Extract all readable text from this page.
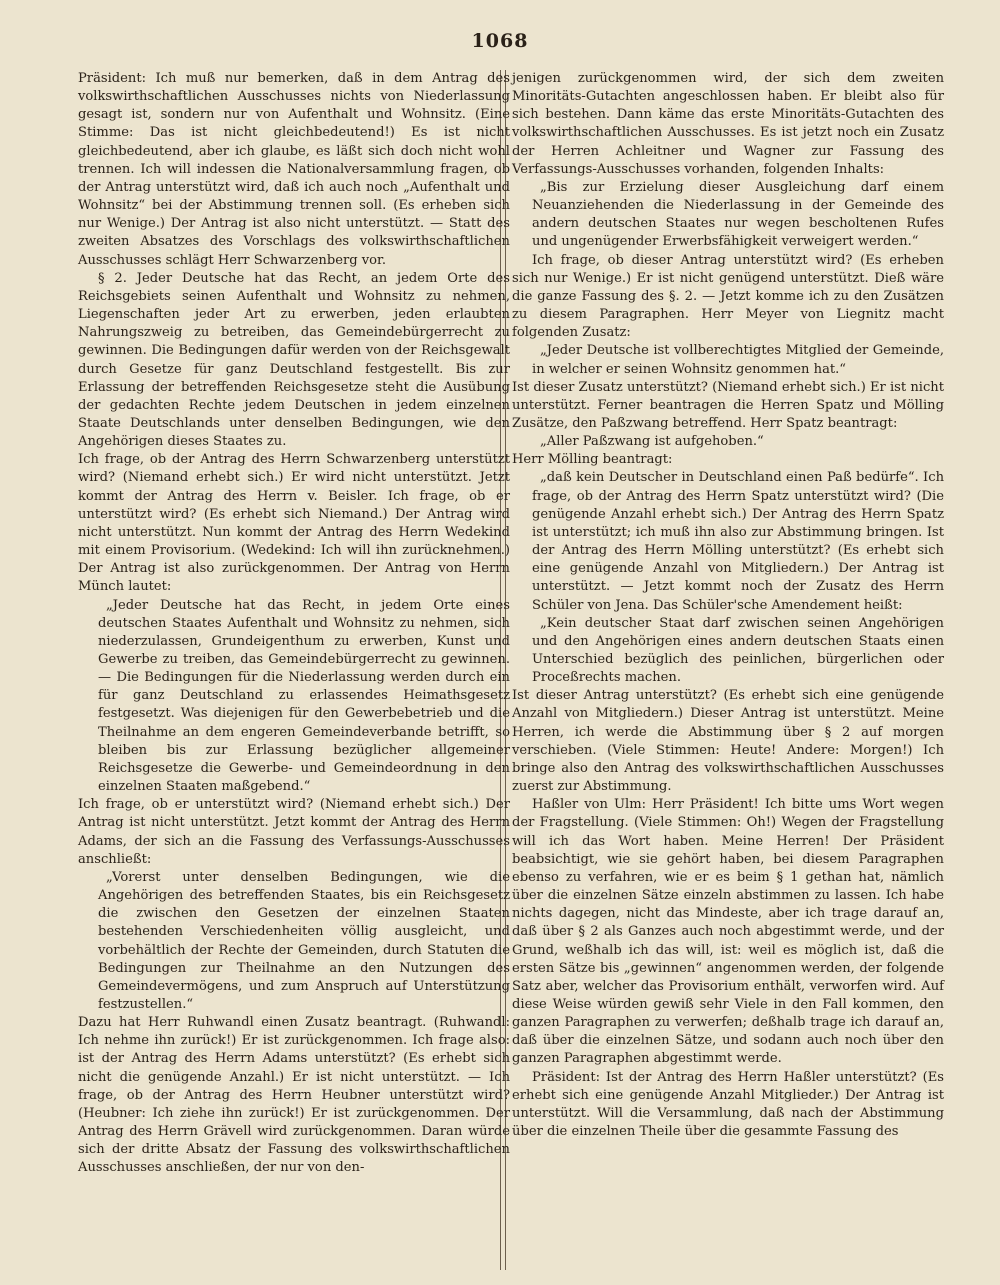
1068

Präsident: Ich muß nur bemerken, daß in dem Antrag des volkswirthschaftlichen Ausschusses nichts von Niederlassung gesagt ist, sondern nur von Aufenthalt und Wohnsitz. (Eine Stimme: Das ist nicht gleichbedeutend!) Es ist nicht gleichbedeutend, aber ich glaube, es läßt sich doch nicht wohl trennen. Ich will indessen die Nationalversammlung fragen, ob der Antrag unterstützt wird, daß ich auch noch „Aufenthalt und Wohnsitz“ bei der Abstimmung trennen soll. (Es erheben sich nur Wenige.) Der Antrag ist also nicht unterstützt. — Statt des zweiten Absatzes des Vorschlags des volkswirthschaftlichen Ausschusses schlägt Herr Schwarzenberg vor.

§ 2. Jeder Deutsche hat das Recht, an jedem Orte des Reichsgebiets seinen Aufenthalt und Wohnsitz zu nehmen, Liegenschaften jeder Art zu erwerben, jeden erlaubten Nahrungszweig zu betreiben, das Gemeindebürgerrecht zu gewinnen. Die Bedingungen dafür werden von der Reichsgewalt durch Gesetze für ganz Deutschland festgestellt. Bis zur Erlassung der betreffenden Reichsgesetze steht die Ausübung der gedachten Rechte jedem Deutschen in jedem einzelnen Staate Deutschlands unter denselben Bedingungen, wie den Angehörigen dieses Staates zu.

Ich frage, ob der Antrag des Herrn Schwarzenberg unterstützt wird? (Niemand erhebt sich.) Er wird nicht unterstützt. Jetzt kommt der Antrag des Herrn v. Beisler. Ich frage, ob er unterstützt wird? (Es erhebt sich Niemand.) Der Antrag wird nicht unterstützt. Nun kommt der Antrag des Herrn Wedekind mit einem Provisorium. (Wedekind: Ich will ihn zurücknehmen.) Der Antrag ist also zurückgenommen. Der Antrag von Herrn Münch lautet:

„Jeder Deutsche hat das Recht, in jedem Orte eines deutschen Staates Aufenthalt und Wohnsitz zu nehmen, sich niederzulassen, Grundeigenthum zu erwerben, Kunst und Gewerbe zu treiben, das Gemeindebürgerrecht zu gewinnen. — Die Bedingungen für die Niederlassung werden durch ein für ganz Deutschland zu erlassendes Heimathsgesetz festgesetzt. Was diejenigen für den Gewerbebetrieb und die Theilnahme an dem engeren Gemeindeverbande betrifft, so bleiben bis zur Erlassung bezüglicher allgemeiner Reichsgesetze die Gewerbe- und Gemeindeordnung in den einzelnen Staaten maßgebend.“

Ich frage, ob er unterstützt wird? (Niemand erhebt sich.) Der Antrag ist nicht unterstützt. Jetzt kommt der Antrag des Herrn Adams, der sich an die Fassung des Verfassungs-Ausschusses anschließt:

„Vorerst unter denselben Bedingungen, wie die Angehörigen des betreffenden Staates, bis ein Reichsgesetz die zwischen den Gesetzen der einzelnen Staaten bestehenden Verschiedenheiten völlig ausgleicht, und vorbehältlich der Rechte der Gemeinden, durch Statuten die Bedingungen zur Theilnahme an den Nutzungen des Gemeindevermögens, und zum Anspruch auf Unterstützung festzustellen.“

Dazu hat Herr Ruhwandl einen Zusatz beantragt. (Ruhwandl: Ich nehme ihn zurück!) Er ist zurückgenommen. Ich frage also: ist der Antrag des Herrn Adams unterstützt? (Es erhebt sich nicht die genügende Anzahl.) Er ist nicht unterstützt. — Ich frage, ob der Antrag des Herrn Heubner unterstützt wird? (Heubner: Ich ziehe ihn zurück!) Er ist zurückgenommen. Der Antrag des Herrn Grävell wird zurückgenommen. Daran würde sich der dritte Absatz der Fassung des volkswirthschaftlichen Ausschusses anschließen, der nur von den-

jenigen zurückgenommen wird, der sich dem zweiten Minoritäts-Gutachten angeschlossen haben. Er bleibt also für sich bestehen. Dann käme das erste Minoritäts-Gutachten des volkswirthschaftlichen Ausschusses. Es ist jetzt noch ein Zusatz der Herren Achleitner und Wagner zur Fassung des Verfassungs-Ausschusses vorhanden, folgenden Inhalts:

„Bis zur Erzielung dieser Ausgleichung darf einem Neuanziehenden die Niederlassung in der Gemeinde des andern deutschen Staates nur wegen bescholtenen Rufes und ungenügender Erwerbsfähigkeit verweigert werden.“

Ich frage, ob dieser Antrag unterstützt wird? (Es erheben sich nur Wenige.) Er ist nicht genügend unterstützt. Dieß wäre die ganze Fassung des §. 2. — Jetzt komme ich zu den Zusätzen zu diesem Paragraphen. Herr Meyer von Liegnitz macht folgenden Zusatz:

„Jeder Deutsche ist vollberechtigtes Mitglied der Gemeinde, in welcher er seinen Wohnsitz genommen hat.“

Ist dieser Zusatz unterstützt? (Niemand erhebt sich.) Er ist nicht unterstützt. Ferner beantragen die Herren Spatz und Mölling Zusätze, den Paßzwang betreffend. Herr Spatz beantragt:

„Aller Paßzwang ist aufgehoben.“

Herr Mölling beantragt:

„daß kein Deutscher in Deutschland einen Paß bedürfe“. Ich frage, ob der Antrag des Herrn Spatz unterstützt wird? (Die genügende Anzahl erhebt sich.) Der Antrag des Herrn Spatz ist unterstützt; ich muß ihn also zur Abstimmung bringen. Ist der Antrag des Herrn Mölling unterstützt? (Es erhebt sich eine genügende Anzahl von Mitgliedern.) Der Antrag ist unterstützt. — Jetzt kommt noch der Zusatz des Herrn Schüler von Jena. Das Schüler'sche Amendement heißt:

„Kein deutscher Staat darf zwischen seinen Angehörigen und den Angehörigen eines andern deutschen Staats einen Unterschied bezüglich des peinlichen, bürgerlichen oder Proceßrechts machen.

Ist dieser Antrag unterstützt? (Es erhebt sich eine genügende Anzahl von Mitgliedern.) Dieser Antrag ist unterstützt. Meine Herren, ich werde die Abstimmung über § 2 auf morgen verschieben. (Viele Stimmen: Heute! Andere: Morgen!) Ich bringe also den Antrag des volkswirthschaftlichen Ausschusses zuerst zur Abstimmung.

Haßler von Ulm: Herr Präsident! Ich bitte ums Wort wegen der Fragstellung. (Viele Stimmen: Oh!) Wegen der Fragstellung will ich das Wort haben. Meine Herren! Der Präsident beabsichtigt, wie sie gehört haben, bei diesem Paragraphen ebenso zu verfahren, wie er es beim § 1 gethan hat, nämlich über die einzelnen Sätze einzeln abstimmen zu lassen. Ich habe nichts dagegen, nicht das Mindeste, aber ich trage darauf an, daß über § 2 als Ganzes auch noch abgestimmt werde, und der Grund, weßhalb ich das will, ist: weil es möglich ist, daß die ersten Sätze bis „gewinnen“ angenommen werden, der folgende Satz aber, welcher das Provisorium enthält, verworfen wird. Auf diese Weise würden gewiß sehr Viele in den Fall kommen, den ganzen Paragraphen zu verwerfen; deßhalb trage ich darauf an, daß über die einzelnen Sätze, und sodann auch noch über den ganzen Paragraphen abgestimmt werde.

Präsident: Ist der Antrag des Herrn Haßler unterstützt? (Es erhebt sich eine genügende Anzahl Mitglieder.) Der Antrag ist unterstützt. Will die Versammlung, daß nach der Abstimmung über die einzelnen Theile über die gesammte Fassung des
